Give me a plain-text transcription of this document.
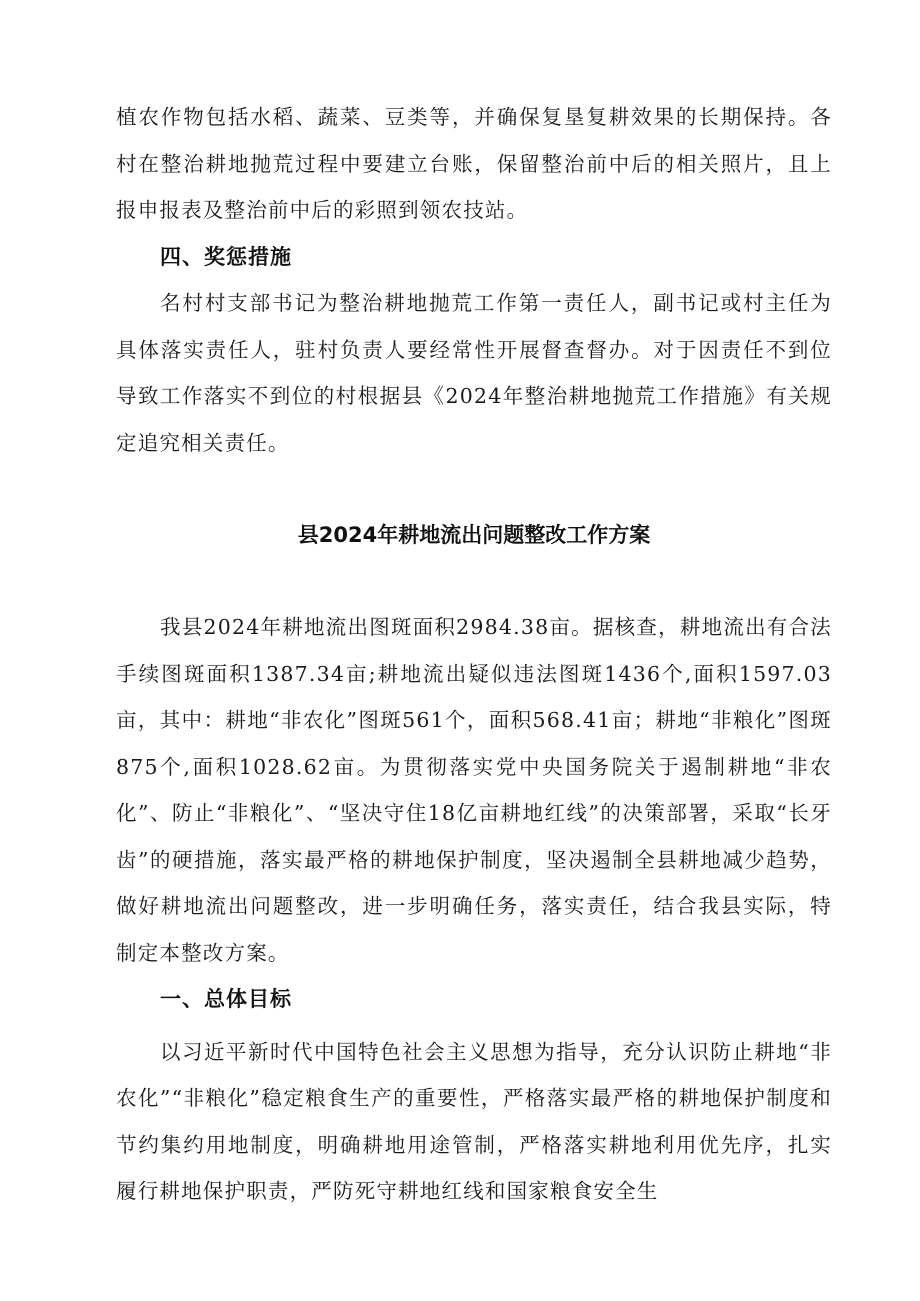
植农作物包括水稻、蔬菜、豆类等，并确保复垦复耕效果的长期保持。各村在整治耕地抛荒过程中要建立台账，保留整治前中后的相关照片，且上报申报表及整治前中后的彩照到领农技站。

四、奖惩措施

名村村支部书记为整治耕地抛荒工作第一责任人，副书记或村主任为具体落实责任人，驻村负责人要经常性开展督查督办。对于因责任不到位导致工作落实不到位的村根据县《2024年整治耕地抛荒工作措施》有关规定追究相关责任。

县2024年耕地流出问题整改工作方案

我县2024年耕地流出图斑面积2984.38亩。据核查，耕地流出有合法手续图斑面积1387.34亩;耕地流出疑似违法图斑1436个,面积1597.03亩，其中：耕地“非农化”图斑561个，面积568.41亩；耕地“非粮化”图斑875个,面积1028.62亩。为贯彻落实党中央国务院关于遏制耕地“非农化”、防止“非粮化”、“坚决守住18亿亩耕地红线”的决策部署，采取“长牙齿”的硬措施，落实最严格的耕地保护制度，坚决遏制全县耕地减少趋势，做好耕地流出问题整改，进一步明确任务，落实责任，结合我县实际，特制定本整改方案。

一、总体目标

以习近平新时代中国特色社会主义思想为指导，充分认识防止耕地“非农化”“非粮化”稳定粮食生产的重要性，严格落实最严格的耕地保护制度和节约集约用地制度，明确耕地用途管制，严格落实耕地利用优先序，扎实履行耕地保护职责，严防死守耕地红线和国家粮食安全生
